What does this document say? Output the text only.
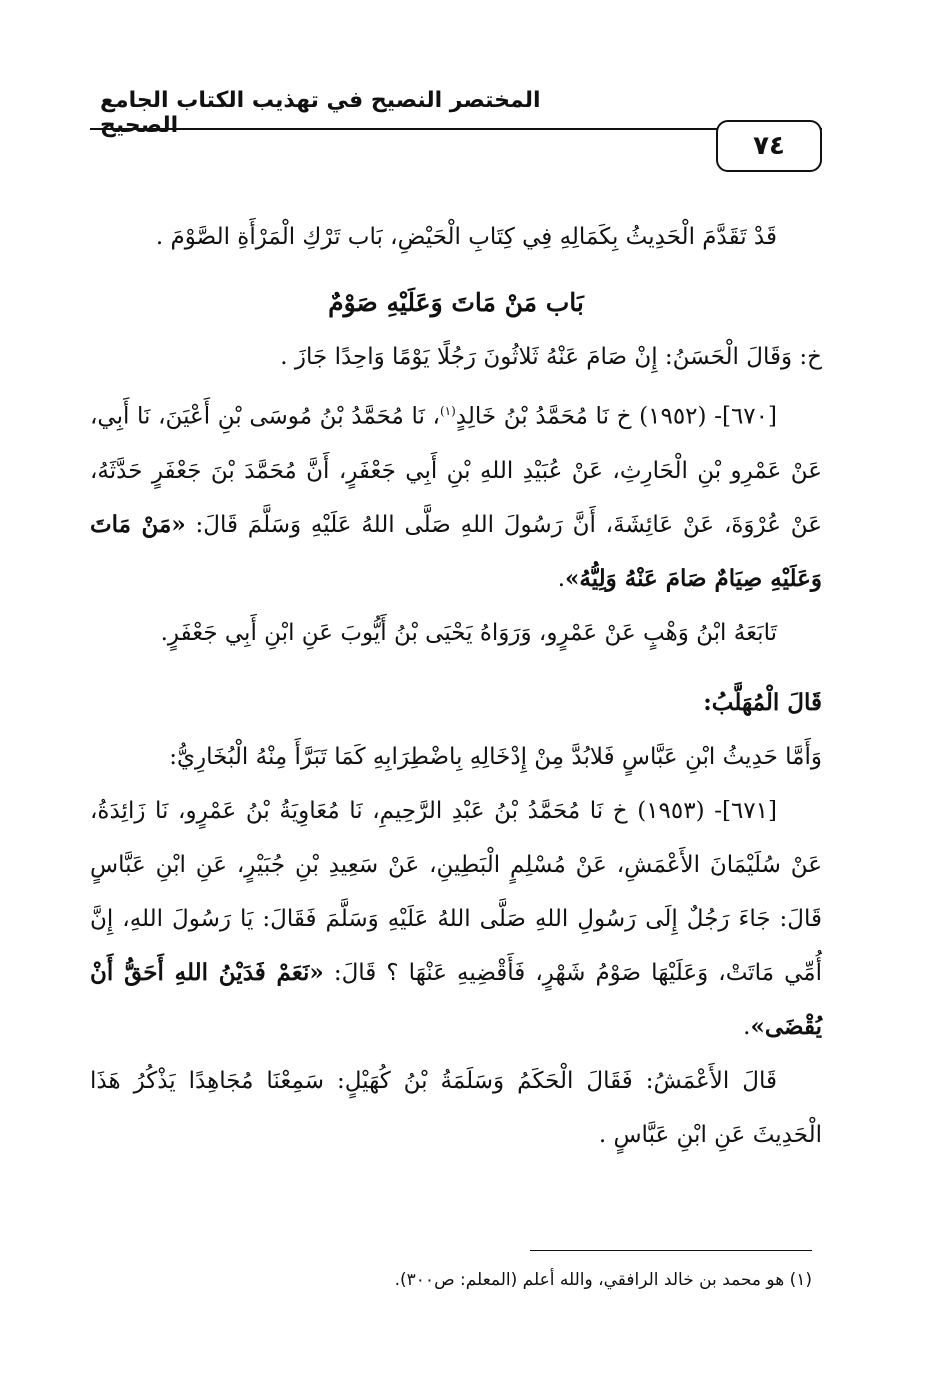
المختصر النصيح في تهذيب الكتاب الجامع الصحيح
٧٤

قَدْ تَقَدَّمَ الْحَدِيثُ بِكَمَالِهِ فِي كِتَابِ الْحَيْضِ، بَاب تَرْكِ الْمَرْأَةِ الصَّوْمَ .

بَاب مَنْ مَاتَ وَعَلَيْهِ صَوْمٌ

خ: وَقَالَ الْحَسَنُ: إِنْ صَامَ عَنْهُ ثَلاثُونَ رَجُلًا يَوْمًا وَاحِدًا جَازَ .

[٦٧٠]- (١٩٥٢) خ نَا مُحَمَّدُ بْنُ خَالِدٍ$^{(١)}$، نَا مُحَمَّدُ بْنُ مُوسَى بْنِ أَعْيَنَ، نَا أَبِي، عَنْ عَمْرِو بْنِ الْحَارِثِ، عَنْ عُبَيْدِ اللهِ بْنِ أَبِي جَعْفَرٍ، أَنَّ مُحَمَّدَ بْنَ جَعْفَرٍ حَدَّثَهُ، عَنْ عُرْوَةَ، عَنْ عَائِشَةَ، أَنَّ رَسُولَ اللهِ صَلَّى اللهُ عَلَيْهِ وَسَلَّمَ قَالَ: «مَنْ مَاتَ وَعَلَيْهِ صِيَامٌ صَامَ عَنْهُ وَلِيُّهُ».

تَابَعَهُ ابْنُ وَهْبٍ عَنْ عَمْرٍو، وَرَوَاهُ يَحْيَى بْنُ أَيُّوبَ عَنِ ابْنِ أَبِي جَعْفَرٍ.

قَالَ الْمُهَلَّبُ:

وَأَمَّا حَدِيثُ ابْنِ عَبَّاسٍ فَلابُدَّ مِنْ إِدْخَالِهِ بِاضْطِرَابِهِ كَمَا تَبَرَّأَ مِنْهُ الْبُخَارِيُّ:

[٦٧١]- (١٩٥٣) خ نَا مُحَمَّدُ بْنُ عَبْدِ الرَّحِيمِ، نَا مُعَاوِيَةُ بْنُ عَمْرٍو، نَا زَائِدَةُ، عَنْ سُلَيْمَانَ الأَعْمَشِ، عَنْ مُسْلِمٍ الْبَطِينِ، عَنْ سَعِيدِ بْنِ جُبَيْرٍ، عَنِ ابْنِ عَبَّاسٍ قَالَ: جَاءَ رَجُلٌ إِلَى رَسُولِ اللهِ صَلَّى اللهُ عَلَيْهِ وَسَلَّمَ فَقَالَ: يَا رَسُولَ اللهِ، إِنَّ أُمِّي مَاتَتْ، وَعَلَيْهَا صَوْمُ شَهْرٍ، فَأَقْضِيهِ عَنْهَا ؟ قَالَ: «نَعَمْ فَدَيْنُ اللهِ أَحَقُّ أَنْ يُقْضَى».

قَالَ الأَعْمَشُ: فَقَالَ الْحَكَمُ وَسَلَمَةُ بْنُ كُهَيْلٍ: سَمِعْنَا مُجَاهِدًا يَذْكُرُ هَذَا الْحَدِيثَ عَنِ ابْنِ عَبَّاسٍ .

(١) هو محمد بن خالد الرافقي، والله أعلم (المعلم: ص٣٠٠).
